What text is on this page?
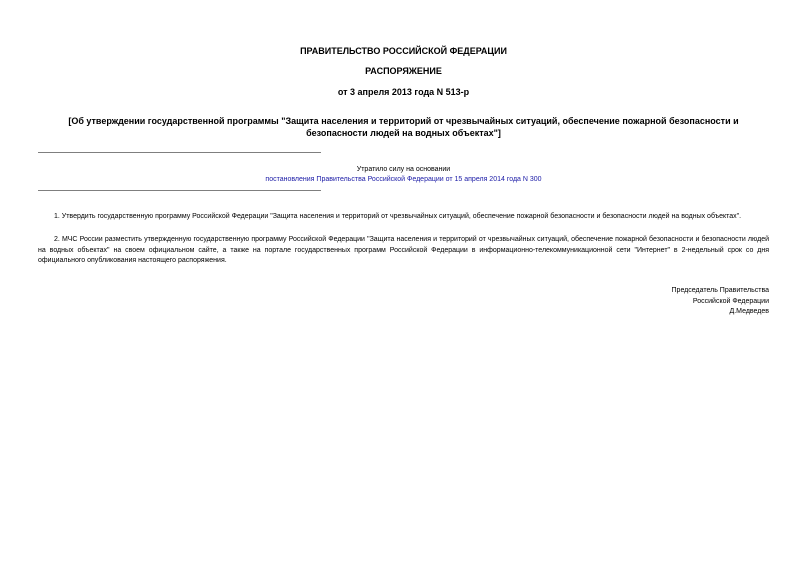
ПРАВИТЕЛЬСТВО РОССИЙСКОЙ ФЕДЕРАЦИИ

РАСПОРЯЖЕНИЕ

от 3 апреля 2013 года N 513-р

[Об утверждении государственной программы "Защита населения и территорий от чрезвычайных ситуаций, обеспечение пожарной безопасности и безопасности людей на водных объектах"]

Утратило силу на основании

постановления Правительства Российской Федерации от 15 апреля 2014 года N 300

1. Утвердить государственную программу Российской Федерации "Защита населения и территорий от чрезвычайных ситуаций, обеспечение пожарной безопасности и безопасности людей на водных объектах".

2. МЧС России разместить утвержденную государственную программу Российской Федерации "Защита населения и территорий от чрезвычайных ситуаций, обеспечение пожарной безопасности и безопасности людей на водных объектах" на своем официальном сайте, а также на портале государственных программ Российской Федерации в информационно-телекоммуникационной сети "Интернет" в 2-недельный срок со дня официального опубликования настоящего распоряжения.

Председатель Правительства
Российской Федерации
Д.Медведев
